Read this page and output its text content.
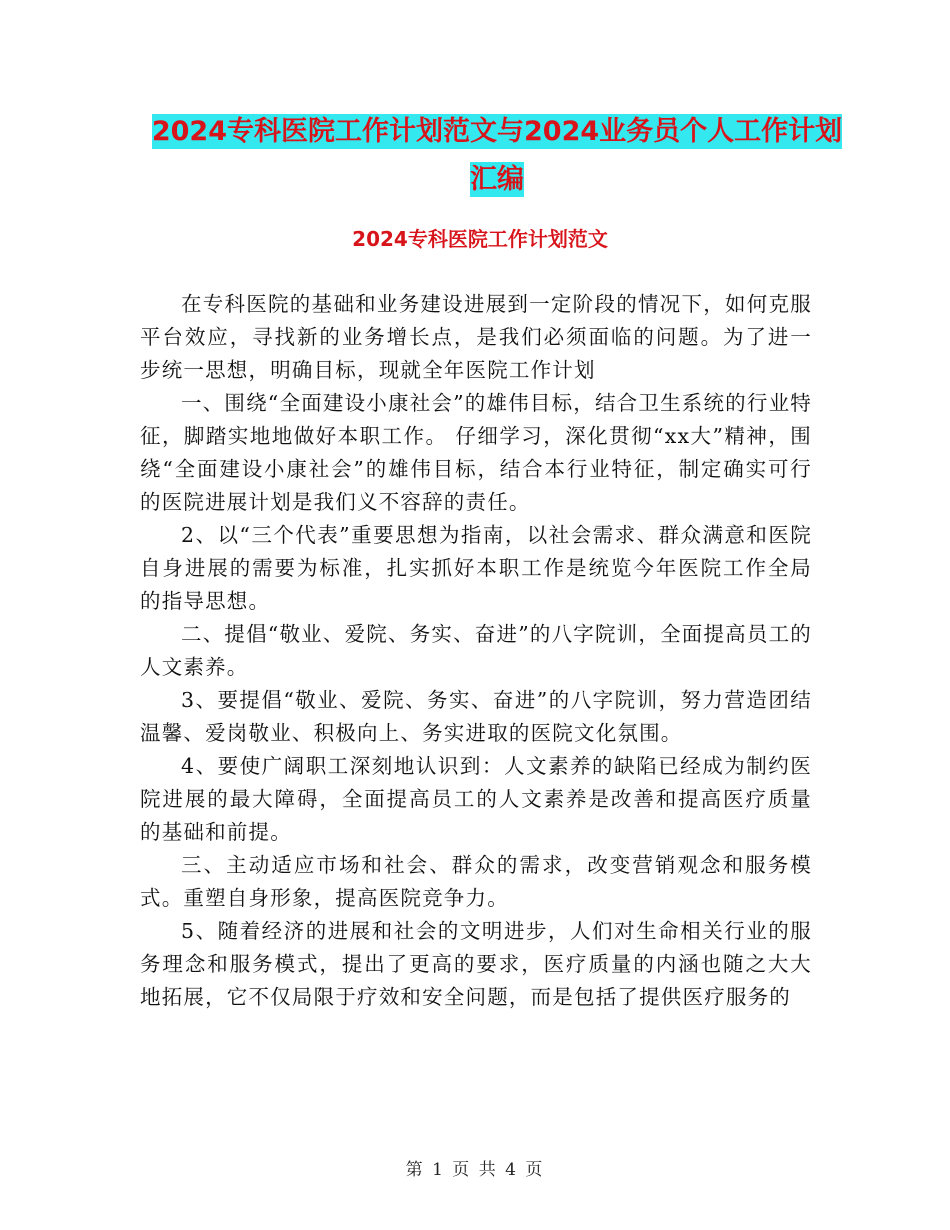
2024专科医院工作计划范文与2024业务员个人工作计划汇编
2024专科医院工作计划范文

在专科医院的基础和业务建设进展到一定阶段的情况下，如何克服平台效应，寻找新的业务增长点，是我们必须面临的问题。为了进一步统一思想，明确目标，现就全年医院工作计划

一、围绕“全面建设小康社会”的雄伟目标，结合卫生系统的行业特征，脚踏实地地做好本职工作。 仔细学习，深化贯彻“xx大”精神，围绕“全面建设小康社会”的雄伟目标，结合本行业特征，制定确实可行的医院进展计划是我们义不容辞的责任。

2、以“三个代表”重要思想为指南，以社会需求、群众满意和医院自身进展的需要为标准，扎实抓好本职工作是统览今年医院工作全局的指导思想。

二、提倡“敬业、爱院、务实、奋进”的八字院训，全面提高员工的人文素养。

3、要提倡“敬业、爱院、务实、奋进”的八字院训，努力营造团结温馨、爱岗敬业、积极向上、务实进取的医院文化氛围。

4、要使广阔职工深刻地认识到：人文素养的缺陷已经成为制约医院进展的最大障碍，全面提高员工的人文素养是改善和提高医疗质量的基础和前提。

三、主动适应市场和社会、群众的需求，改变营销观念和服务模式。重塑自身形象，提高医院竞争力。

5、随着经济的进展和社会的文明进步，人们对生命相关行业的服务理念和服务模式，提出了更高的要求，医疗质量的内涵也随之大大地拓展，它不仅局限于疗效和安全问题，而是包括了提供医疗服务的

第 1 页 共 4 页
